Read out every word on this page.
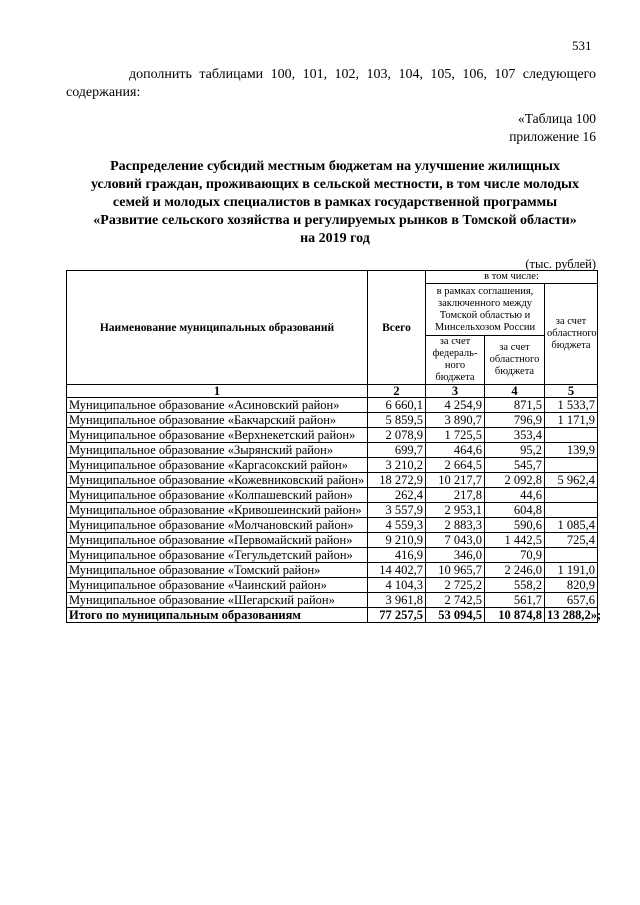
531
дополнить таблицами 100, 101, 102, 103, 104, 105, 106, 107 следующего содержания:
«Таблица 100
приложение 16
Распределение субсидий местным бюджетам на улучшение жилищных
условий граждан, проживающих в сельской местности, в том числе молодых
семей и молодых специалистов в рамках государственной программы
«Развитие сельского хозяйства и регулируемых рынков в Томской области»
на 2019 год
(тыс. рублей)
Наименование муниципальных образований	Всего	в том числе:		
		в рамках соглашения, заключенного между Томской областью и Минсельхозом России		за счет областного бюджета
		за счет федераль-ного бюджета	за счет областного бюджета	
1	2	3	4	5
Муниципальное образование «Асиновский район»	6 660,1	4 254,9	871,5	1 533,7
Муниципальное образование «Бакчарский район»	5 859,5	3 890,7	796,9	1 171,9
Муниципальное образование «Верхнекетский район»	2 078,9	1 725,5	353,4	
Муниципальное образование «Зырянский район»	699,7	464,6	95,2	139,9
Муниципальное образование «Каргасокский район»	3 210,2	2 664,5	545,7	
Муниципальное образование «Кожевниковский район»	18 272,9	10 217,7	2 092,8	5 962,4
Муниципальное образование «Колпашевский район»	262,4	217,8	44,6	
Муниципальное образование «Кривошеинский район»	3 557,9	2 953,1	604,8	
Муниципальное образование «Молчановский район»	4 559,3	2 883,3	590,6	1 085,4
Муниципальное образование «Первомайский район»	9 210,9	7 043,0	1 442,5	725,4
Муниципальное образование «Тегульдетский район»	416,9	346,0	70,9	
Муниципальное образование «Томский район»	14 402,7	10 965,7	2 246,0	1 191,0
Муниципальное образование «Чаинский район»	4 104,3	2 725,2	558,2	820,9
Муниципальное образование «Шегарский район»	3 961,8	2 742,5	561,7	657,6
Итого по муниципальным образованиям	77 257,5	53 094,5	10 874,8	13 288,2»;
